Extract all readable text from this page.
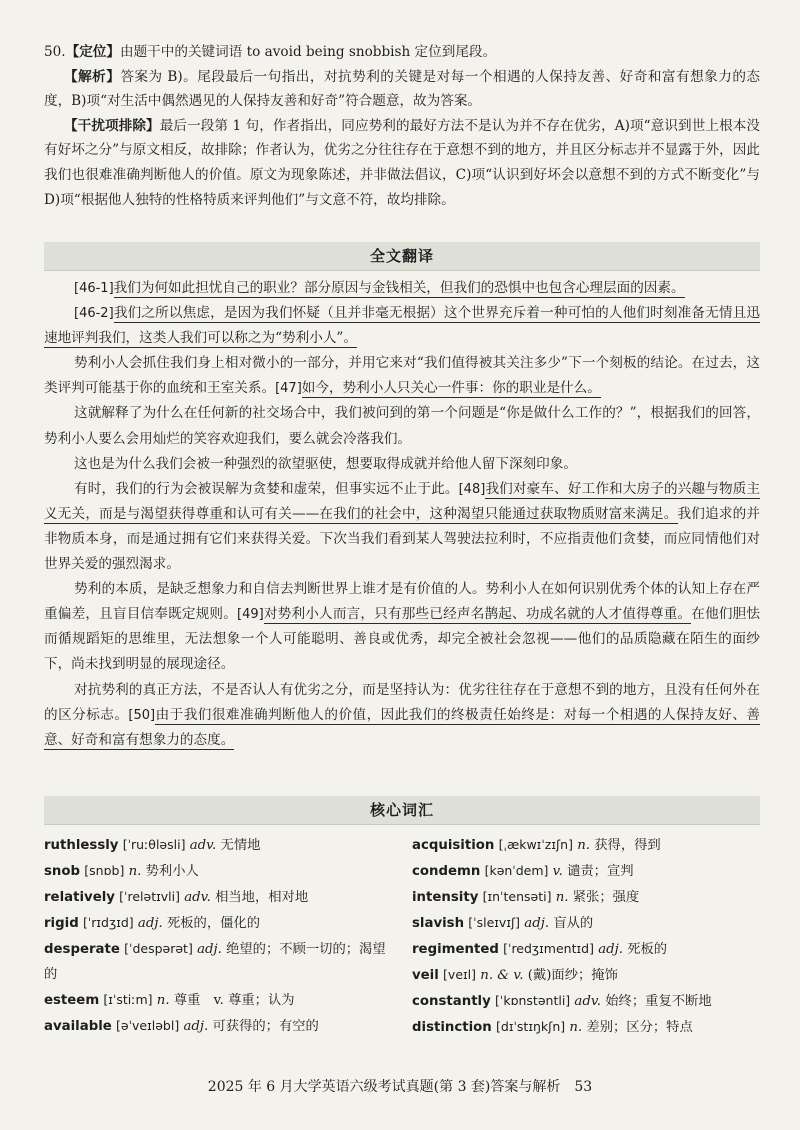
50.【定位】由题干中的关键词语 to avoid being snobbish 定位到尾段。

【解析】答案为 B)。尾段最后一句指出，对抗势利的关键是对每一个相遇的人保持友善、好奇和富有想象力的态度，B)项“对生活中偶然遇见的人保持友善和好奇”符合题意，故为答案。

【干扰项排除】最后一段第 1 句，作者指出，同应势利的最好方法不是认为并不存在优劣，A)项“意识到世上根本没有好坏之分”与原文相反，故排除；作者认为，优劣之分往往存在于意想不到的地方，并且区分标志并不显露于外，因此我们也很难准确判断他人的价值。原文为现象陈述，并非做法倡议，C)项“认识到好坏会以意想不到的方式不断变化”与 D)项“根据他人独特的性格特质来评判他们”与文意不符，故均排除。

全文翻译

[46-1]我们为何如此担忧自己的职业？部分原因与金钱相关，但我们的恐惧中也包含心理层面的因素。

[46-2]我们之所以焦虑，是因为我们怀疑（且并非毫无根据）这个世界充斥着一种可怕的人他们时刻准备无情且迅速地评判我们，这类人我们可以称之为“势利小人”。

势利小人会抓住我们身上相对微小的一部分，并用它来对“我们值得被其关注多少”下一个刻板的结论。在过去，这类评判可能基于你的血统和王室关系。[47]如今，势利小人只关心一件事：你的职业是什么。

这就解释了为什么在任何新的社交场合中，我们被问到的第一个问题是“你是做什么工作的？”，根据我们的回答，势利小人要么会用灿烂的笑容欢迎我们，要么就会冷落我们。

这也是为什么我们会被一种强烈的欲望驱使，想要取得成就并给他人留下深刻印象。

有时，我们的行为会被误解为贪婪和虚荣，但事实远不止于此。[48]我们对豪车、好工作和大房子的兴趣与物质主义无关，而是与渴望获得尊重和认可有关——在我们的社会中，这种渴望只能通过获取物质财富来满足。我们追求的并非物质本身，而是通过拥有它们来获得关爱。下次当我们看到某人驾驶法拉利时，不应指责他们贪婪，而应同情他们对世界关爱的强烈渴求。

势利的本质，是缺乏想象力和自信去判断世界上谁才是有价值的人。势利小人在如何识别优秀个体的认知上存在严重偏差，且盲目信奉既定规则。[49]对势利小人而言，只有那些已经声名鹊起、功成名就的人才值得尊重。在他们胆怯而循规蹈矩的思维里，无法想象一个人可能聪明、善良或优秀，却完全被社会忽视——他们的品质隐藏在陌生的面纱下，尚未找到明显的展现途径。

对抗势利的真正方法，不是否认人有优劣之分，而是坚持认为：优劣往往存在于意想不到的地方，且没有任何外在的区分标志。[50]由于我们很难准确判断他人的价值，因此我们的终极责任始终是：对每一个相遇的人保持友好、善意、好奇和富有想象力的态度。

核心词汇
ruthlessly [ˈruːθləsli] adv. 无情地
snob [snɒb] n. 势利小人
relatively [ˈrelətɪvli] adv. 相当地，相对地
rigid [ˈrɪdʒɪd] adj. 死板的，僵化的
desperate [ˈdespərət] adj. 绝望的；不顾一切的；渴望的
esteem [ɪˈstiːm] n. 尊重　v. 尊重；认为
available [əˈveɪləbl] adj. 可获得的；有空的
acquisition [ˌækwɪˈzɪʃn] n. 获得，得到
condemn [kənˈdem] v. 谴责；宣判
intensity [ɪnˈtensəti] n. 紧张；强度
slavish [ˈsleɪvɪʃ] adj. 盲从的
regimented [ˈredʒɪmentɪd] adj. 死板的
veil [veɪl] n. & v. (戴)面纱；掩饰
constantly [ˈkɒnstəntli] adv. 始终；重复不断地
distinction [dɪˈstɪŋkʃn] n. 差别；区分；特点
2025 年 6 月大学英语六级考试真题(第 3 套)答案与解析　53
